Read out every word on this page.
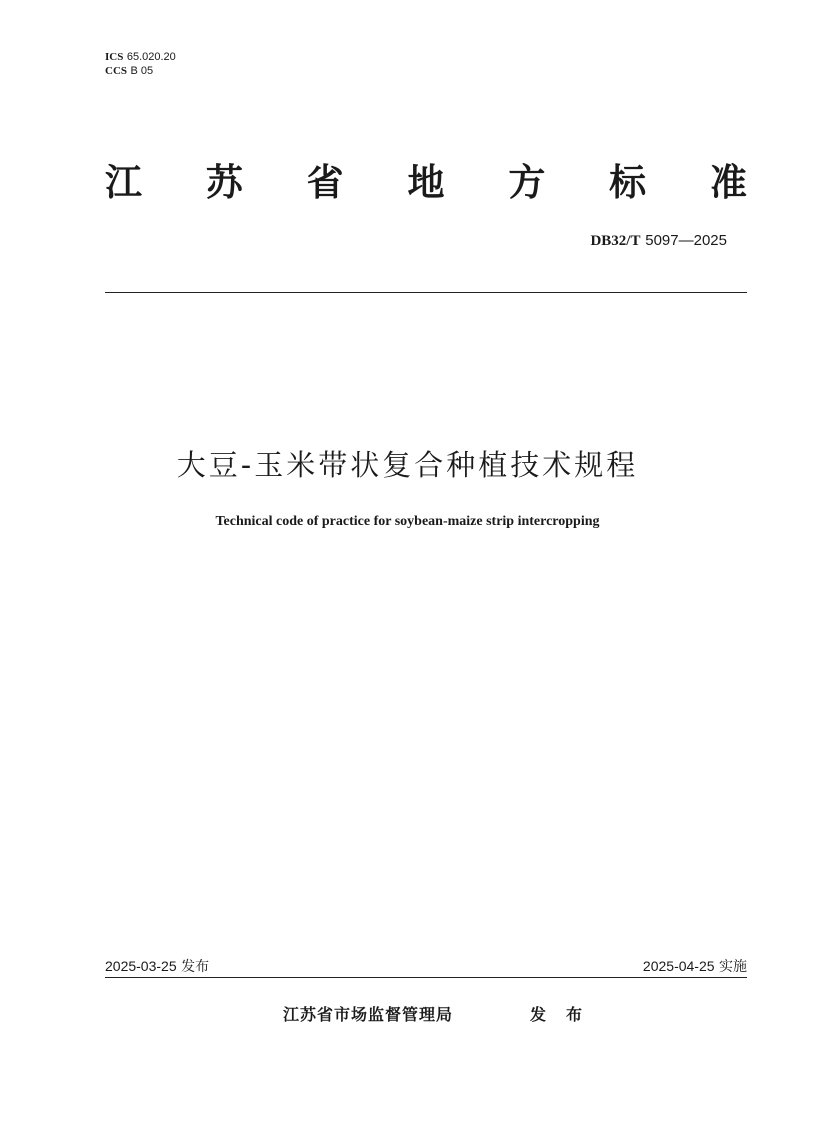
ICS 65.020.20
CCS B 05
江 苏 省 地 方 标 准
DB32/T 5097—2025
大豆-玉米带状复合种植技术规程
Technical code of practice for soybean-maize strip intercropping
2025-03-25 发布	2025-04-25 实施
江苏省市场监督管理局	发布
